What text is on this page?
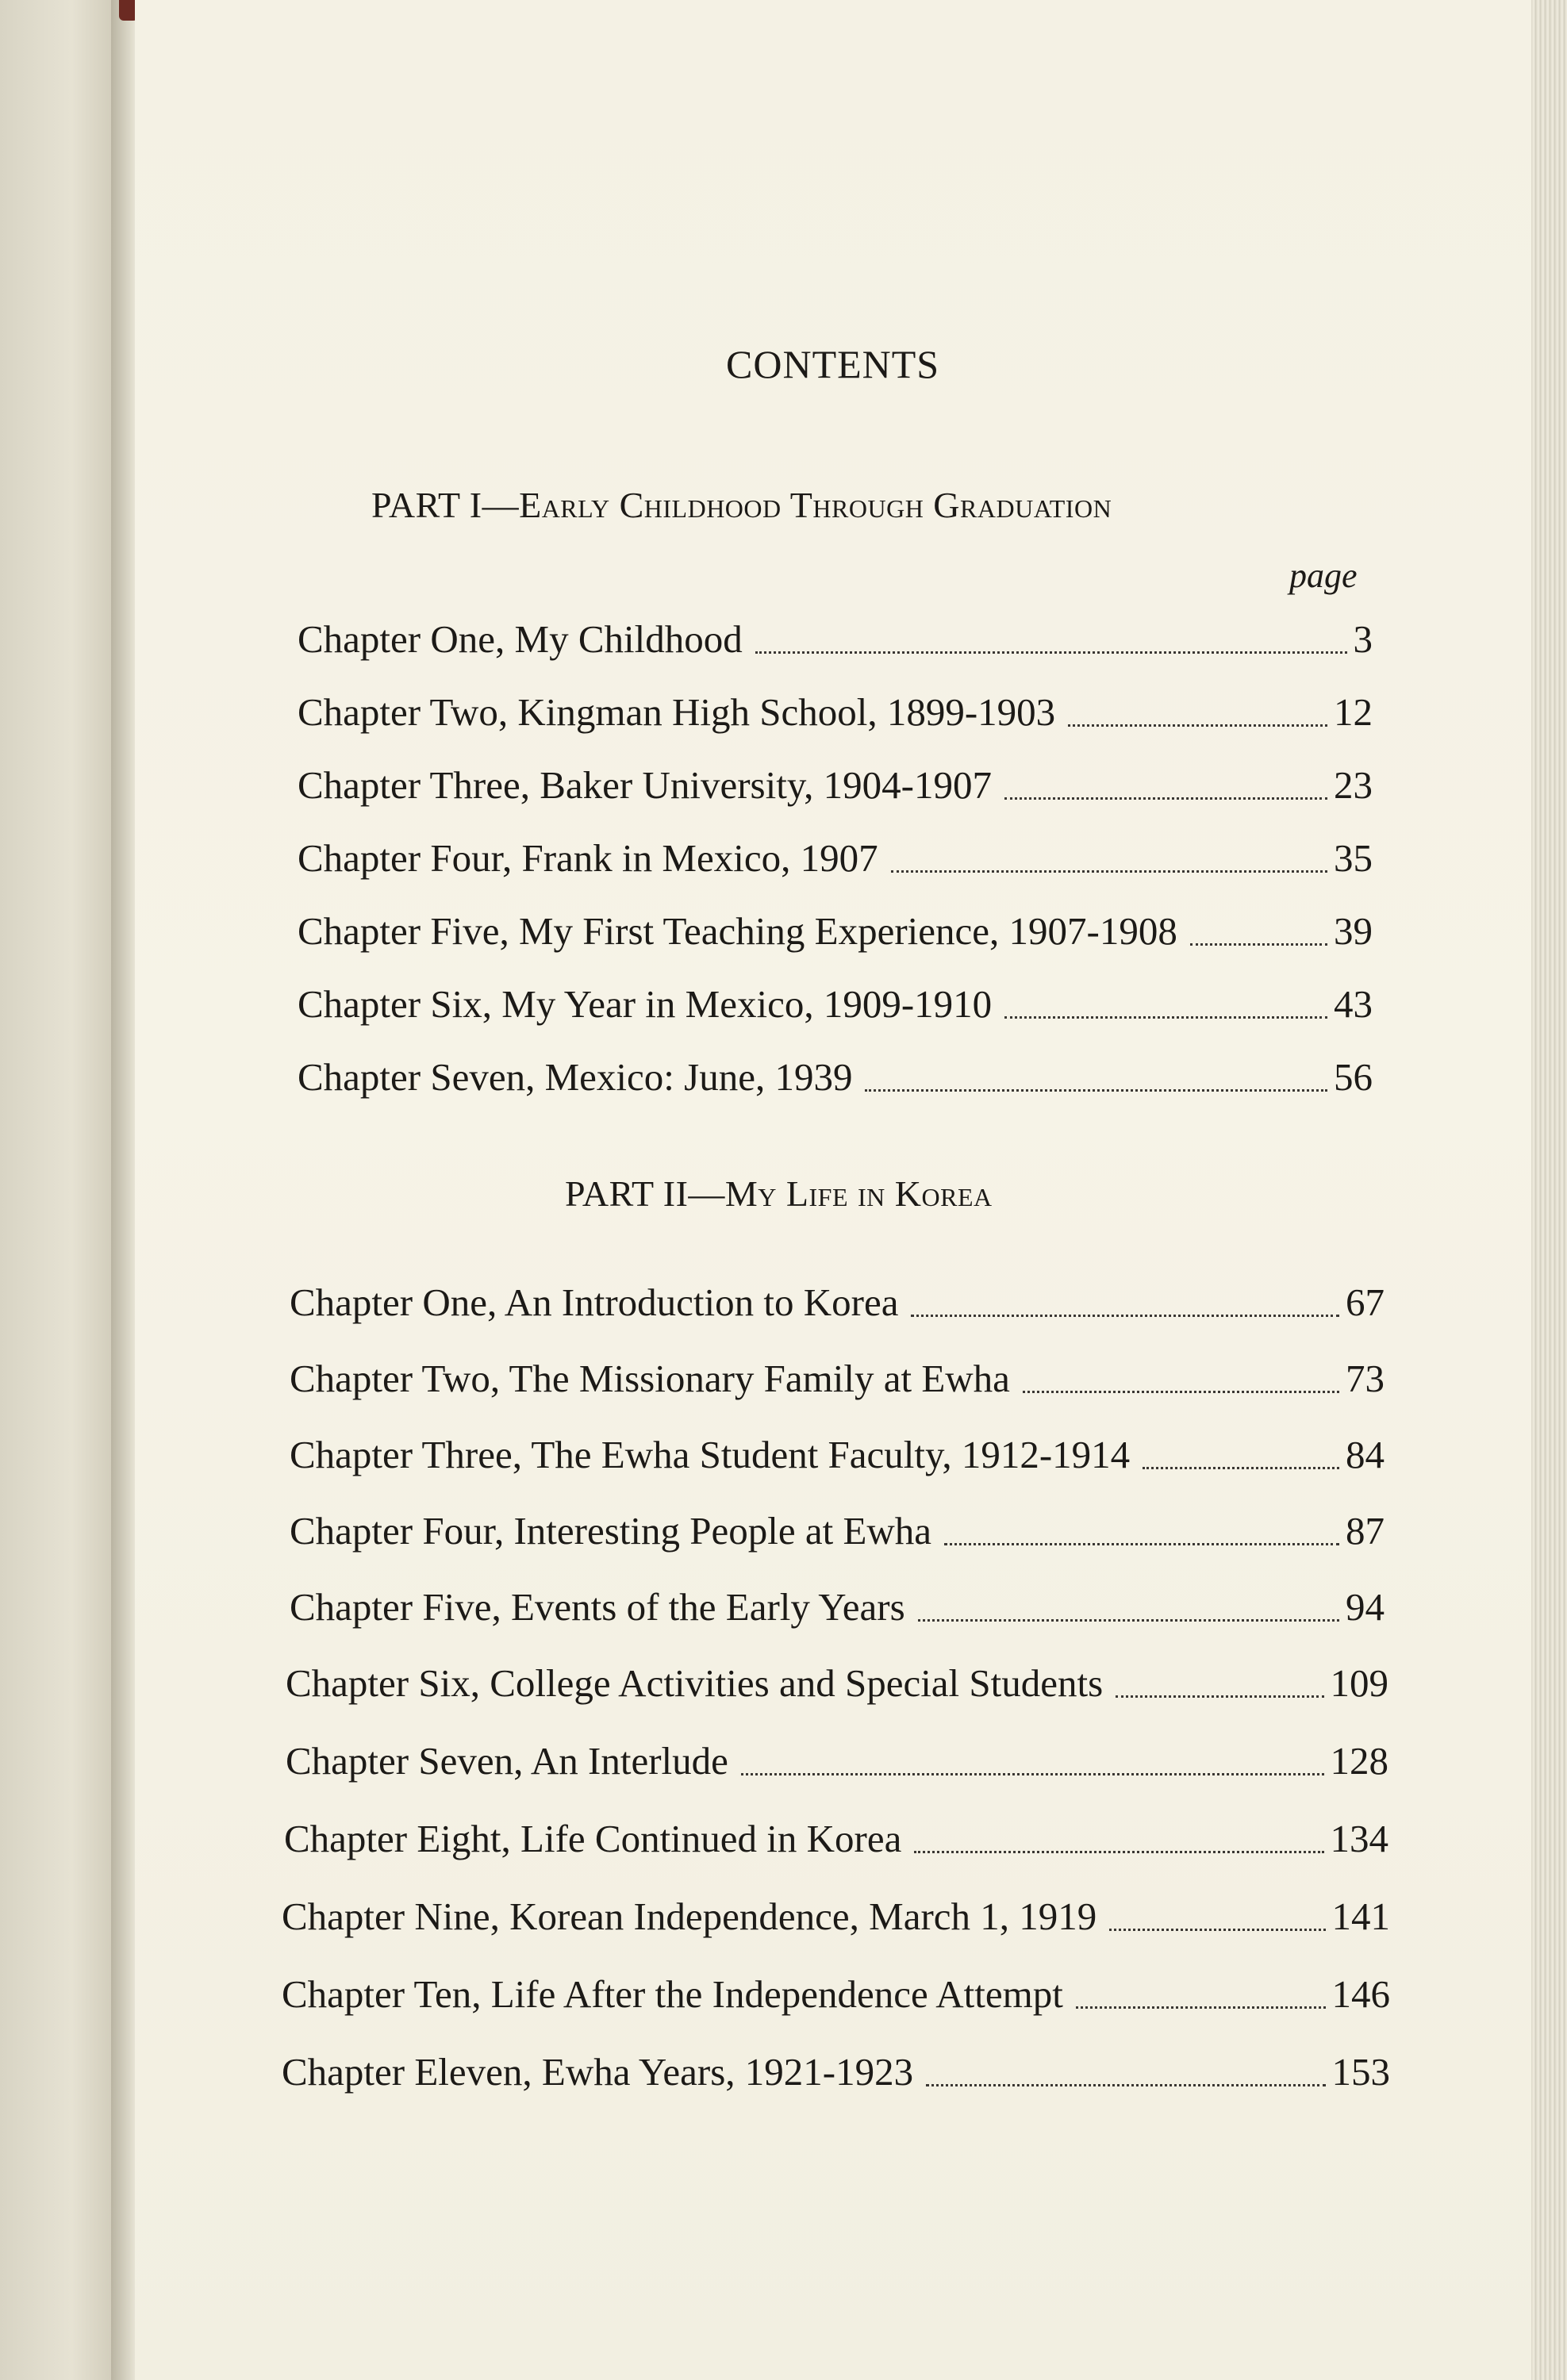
CONTENTS
PART I—Early Childhood Through Graduation
page
Chapter One, My Childhood	3
Chapter Two, Kingman High School, 1899-1903	12
Chapter Three, Baker University, 1904-1907	23
Chapter Four, Frank in Mexico, 1907	35
Chapter Five, My First Teaching Experience, 1907-1908	39
Chapter Six, My Year in Mexico, 1909-1910	43
Chapter Seven, Mexico: June, 1939	56
PART II—My Life in Korea
Chapter One, An Introduction to Korea	67
Chapter Two, The Missionary Family at Ewha	73
Chapter Three, The Ewha Student Faculty, 1912-1914	84
Chapter Four, Interesting People at Ewha	87
Chapter Five, Events of the Early Years	94
Chapter Six, College Activities and Special Students	109
Chapter Seven, An Interlude	128
Chapter Eight, Life Continued in Korea	134
Chapter Nine, Korean Independence, March 1, 1919	141
Chapter Ten, Life After the Independence Attempt	146
Chapter Eleven, Ewha Years, 1921-1923	153
